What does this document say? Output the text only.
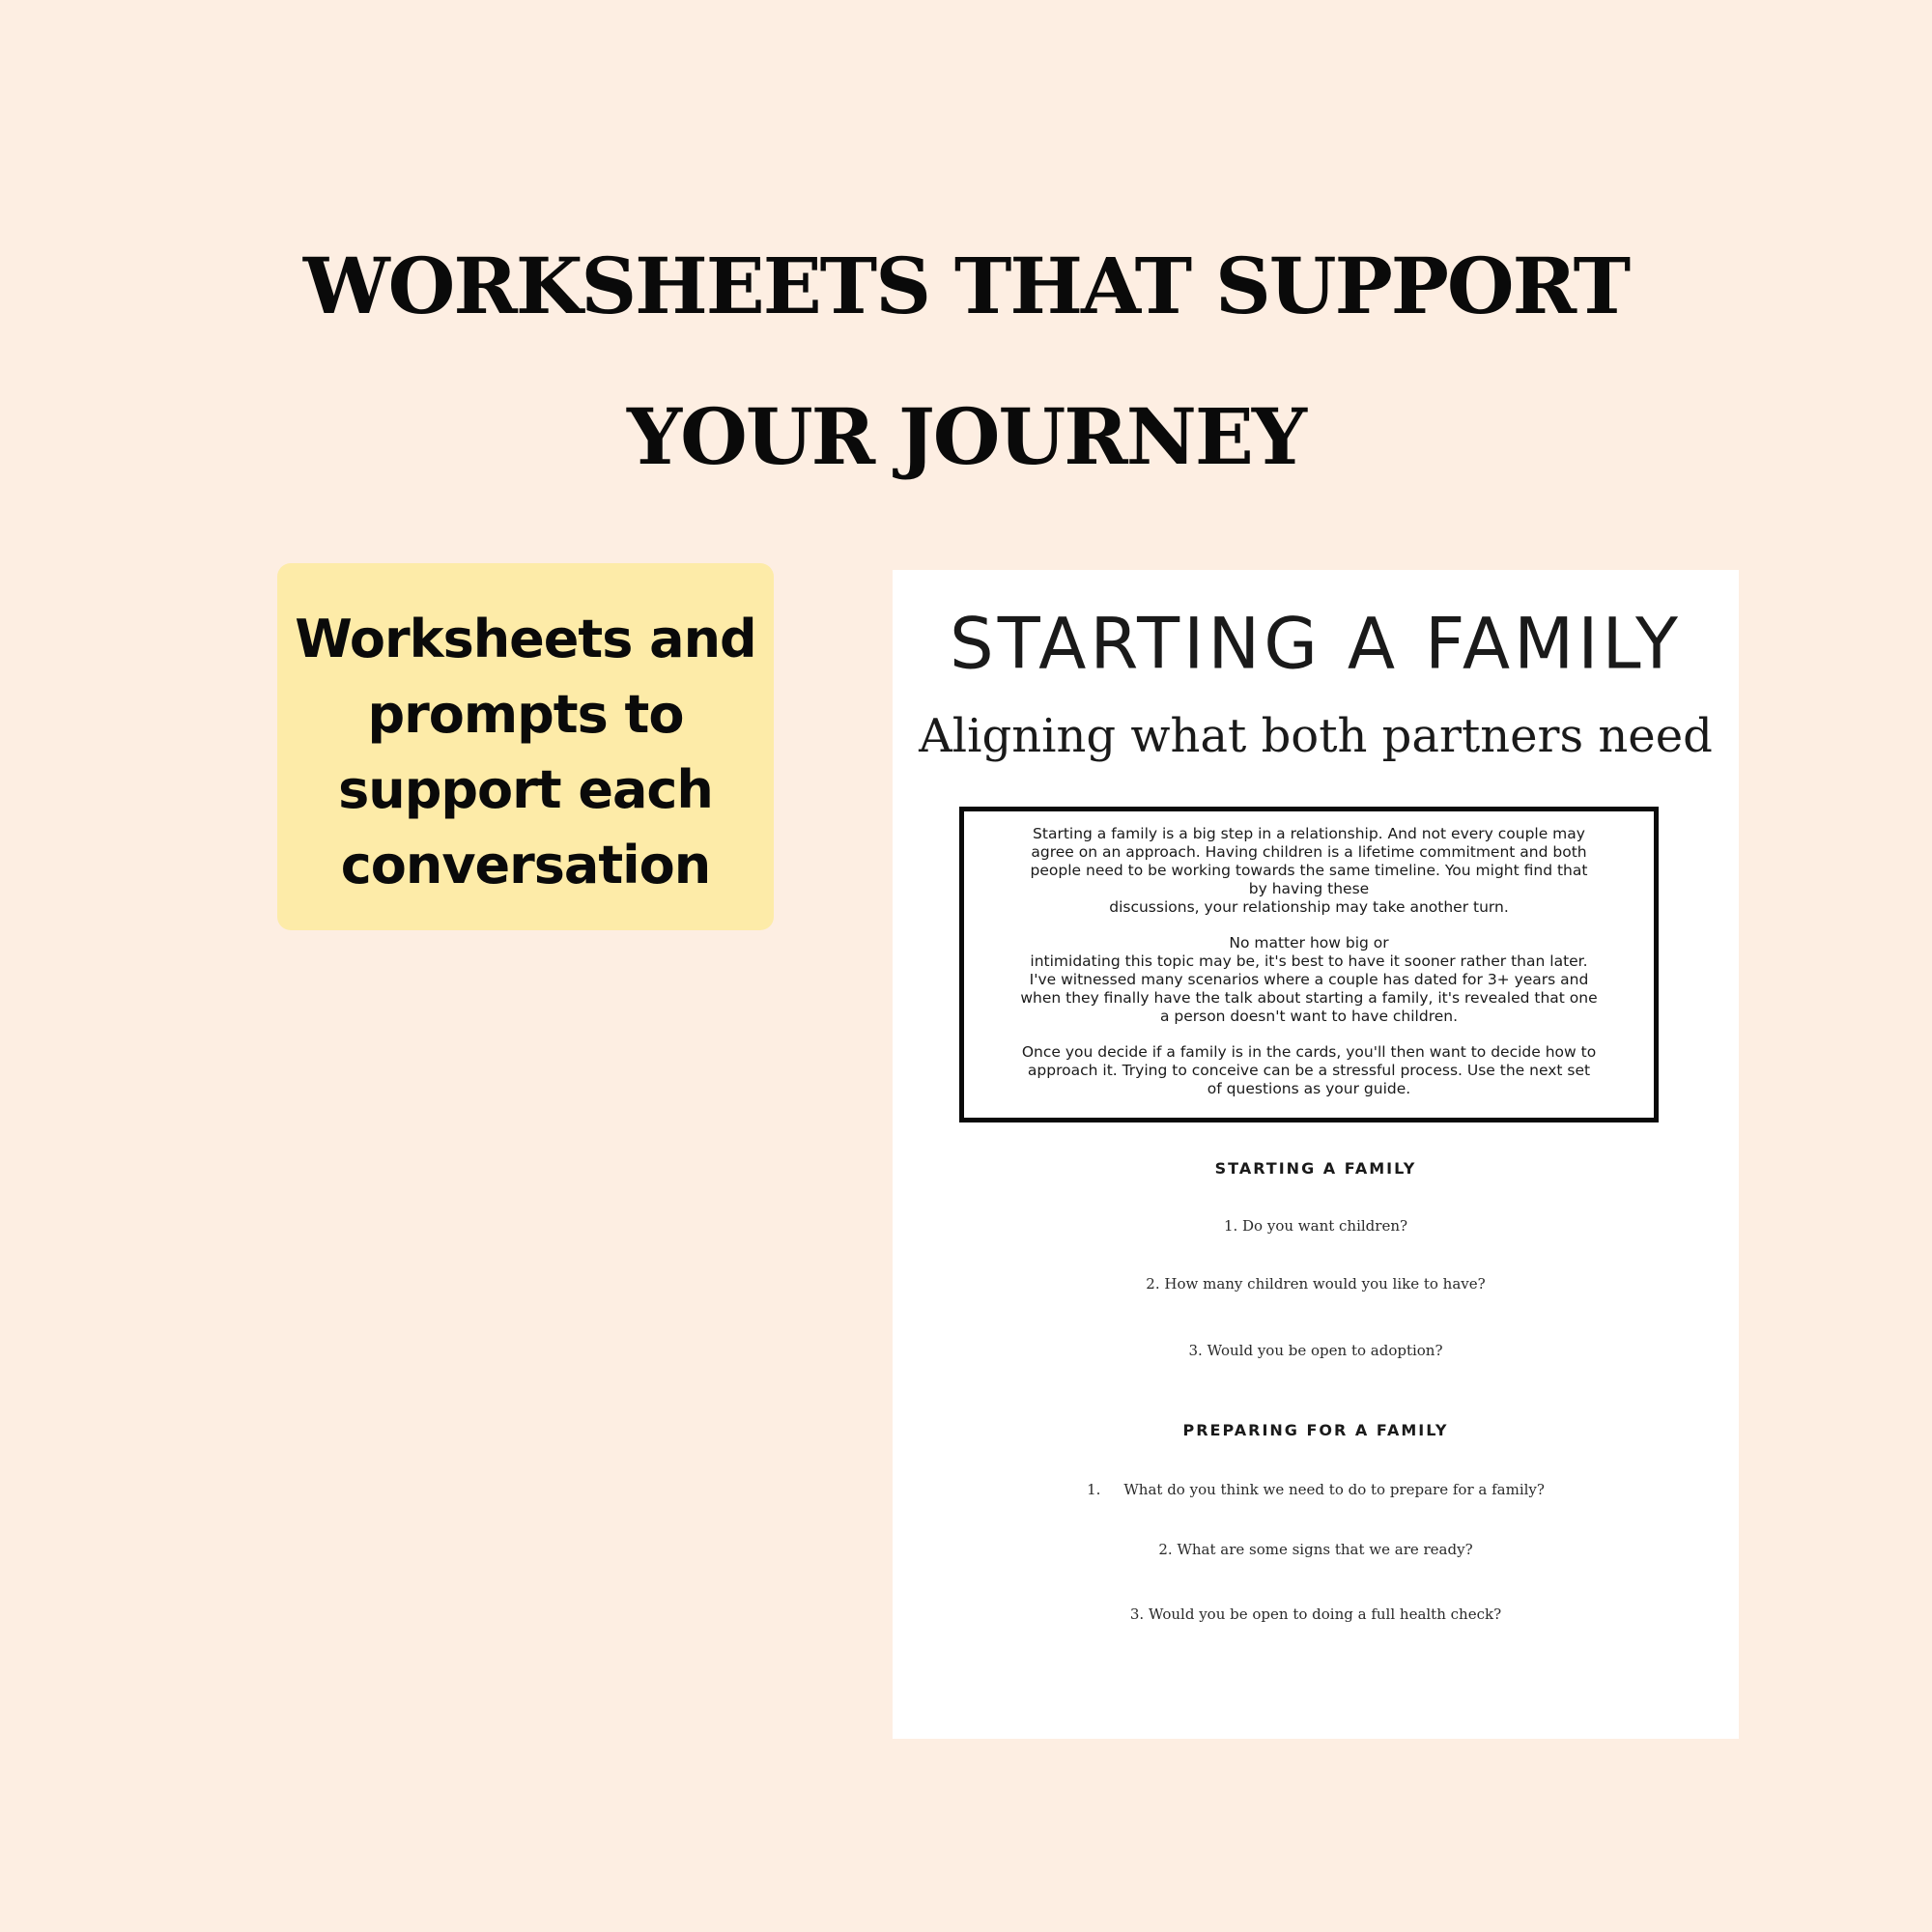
WORKSHEETS THAT SUPPORT
YOUR JOURNEY
Worksheets and
prompts to
support each
conversation
STARTING A FAMILY
Aligning what both partners need

Starting a family is a big step in a relationship. And not every couple may
agree on an approach. Having children is a lifetime commitment and both
people need to be working towards the same timeline. You might find that
by having these
discussions, your relationship may take another turn.

No matter how big or
intimidating this topic may be, it's best to have it sooner rather than later.
I've witnessed many scenarios where a couple has dated for 3+ years and
when they finally have the talk about starting a family, it's revealed that one
a person doesn't want to have children.

Once you decide if a family is in the cards, you'll then want to decide how to
approach it. Trying to conceive can be a stressful process. Use the next set
of questions as your guide.

STARTING A FAMILY
1. Do you want children?
2. How many children would you like to have?
3. Would you be open to adoption?
PREPARING FOR A FAMILY
1. What do you think we need to do to prepare for a family?
2. What are some signs that we are ready?
3. Would you be open to doing a full health check?
